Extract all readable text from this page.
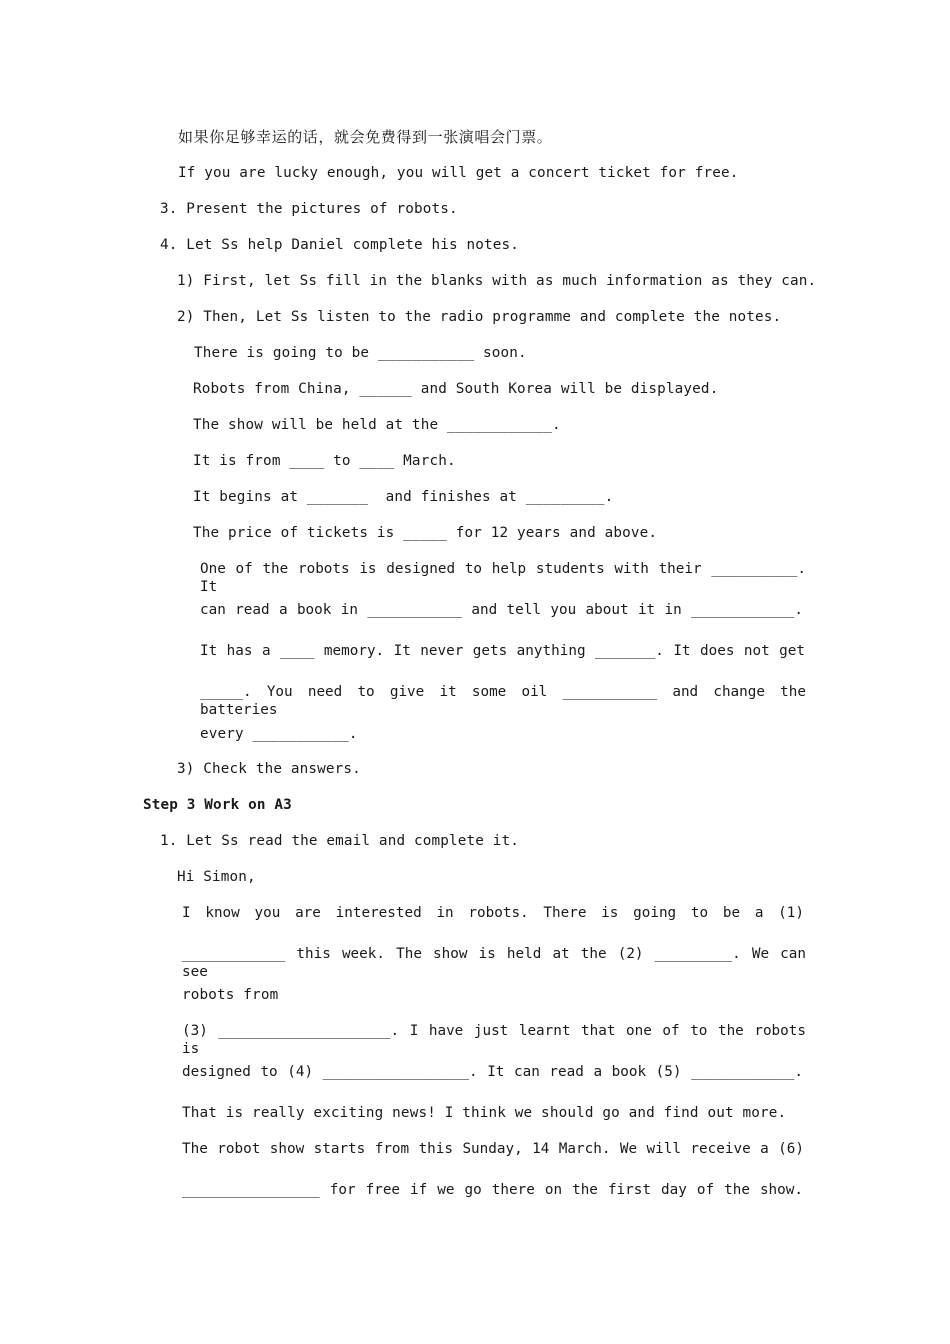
如果你足够幸运的话，就会免费得到一张演唱会门票。
If you are lucky enough, you will get a concert ticket for free.
3. Present the pictures of robots.
4. Let Ss help Daniel complete his notes.
1) First, let Ss fill in the blanks with as much information as they can.
2) Then, Let Ss listen to the radio programme and complete the notes.
There is going to be ___________ soon.
Robots from China, ______ and South Korea will be displayed.
The show will be held at the ____________.
It is from ____ to ____ March.
It begins at _______  and finishes at _________.
The price of tickets is _____ for 12 years and above.
One of the robots is designed to help students with their __________. It
can read a book in ___________ and tell you about it in ____________.
It has a ____ memory. It never gets anything _______. It does not get
_____. You need to give it some oil ___________ and change the batteries
every ___________.
3) Check the answers.
Step 3 Work on A3
1. Let Ss read the email and complete it.
Hi Simon,
I know you are interested in robots. There is going to be a (1)
____________ this week. The show is held at the (2) _________. We can see
robots from
(3) ____________________. I have just learnt that one of to the robots is
designed to (4) _________________. It can read a book (5) ____________.
That is really exciting news! I think we should go and find out more.
The robot show starts from this Sunday, 14 March. We will receive a (6)
________________ for free if we go there on the first day of the show.
